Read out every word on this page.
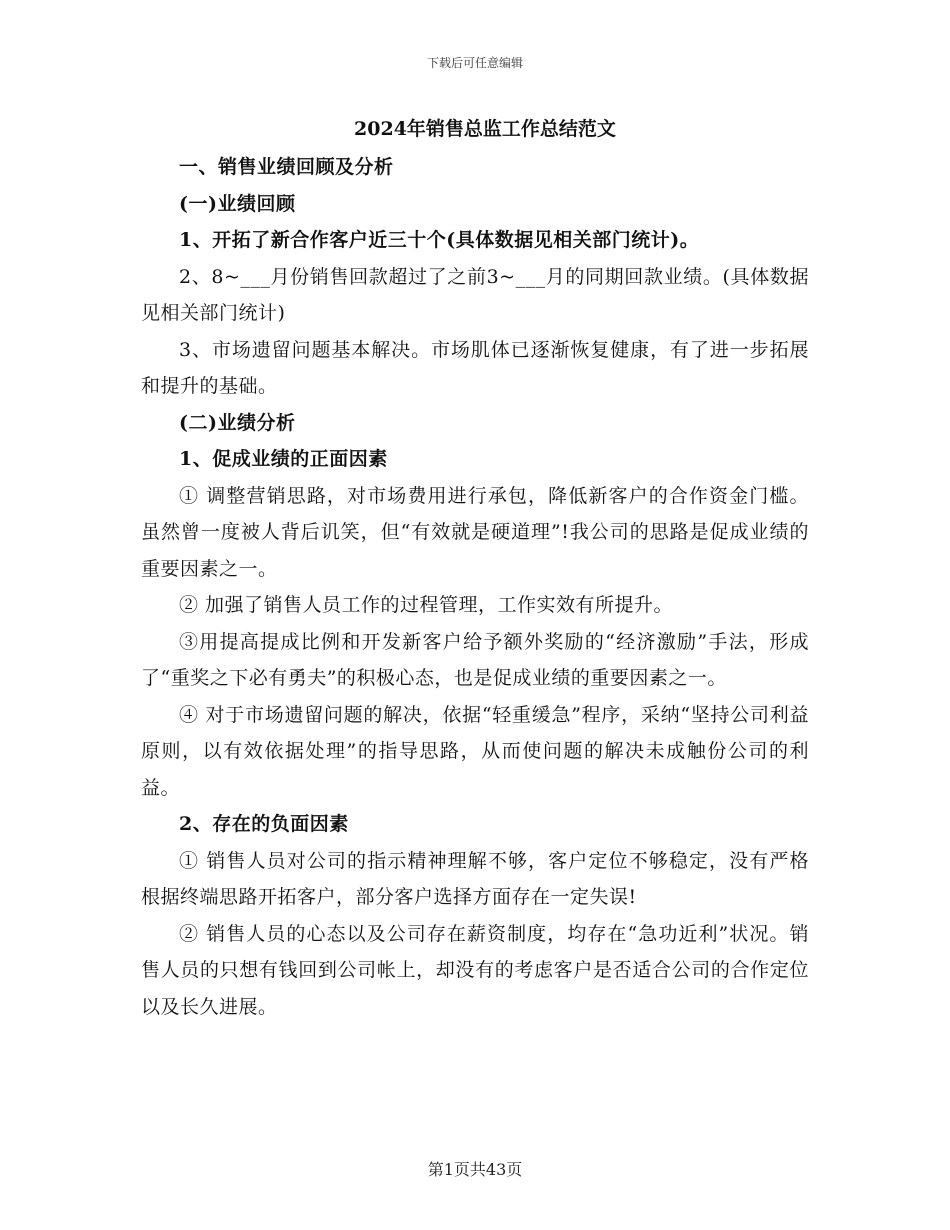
下载后可任意编辑
2024年销售总监工作总结范文

一、销售业绩回顾及分析

(一)业绩回顾

1、开拓了新合作客户近三十个(具体数据见相关部门统计)。

2、8~___月份销售回款超过了之前3~___月的同期回款业绩。(具体数据见相关部门统计)

3、市场遗留问题基本解决。市场肌体已逐渐恢复健康，有了进一步拓展和提升的基础。

(二)业绩分析

1、促成业绩的正面因素

① 调整营销思路，对市场费用进行承包，降低新客户的合作资金门槛。虽然曾一度被人背后讥笑，但“有效就是硬道理”!我公司的思路是促成业绩的重要因素之一。

② 加强了销售人员工作的过程管理，工作实效有所提升。

③用提高提成比例和开发新客户给予额外奖励的“经济激励”手法，形成了“重奖之下必有勇夫”的积极心态，也是促成业绩的重要因素之一。

④ 对于市场遗留问题的解决，依据“轻重缓急”程序，采纳“坚持公司利益原则，以有效依据处理”的指导思路，从而使问题的解决未成触份公司的利益。

2、存在的负面因素

① 销售人员对公司的指示精神理解不够，客户定位不够稳定，没有严格根据终端思路开拓客户，部分客户选择方面存在一定失误!

② 销售人员的心态以及公司存在薪资制度，均存在“急功近利”状况。销售人员的只想有钱回到公司帐上，却没有的考虑客户是否适合公司的合作定位以及长久进展。

第1页共43页
